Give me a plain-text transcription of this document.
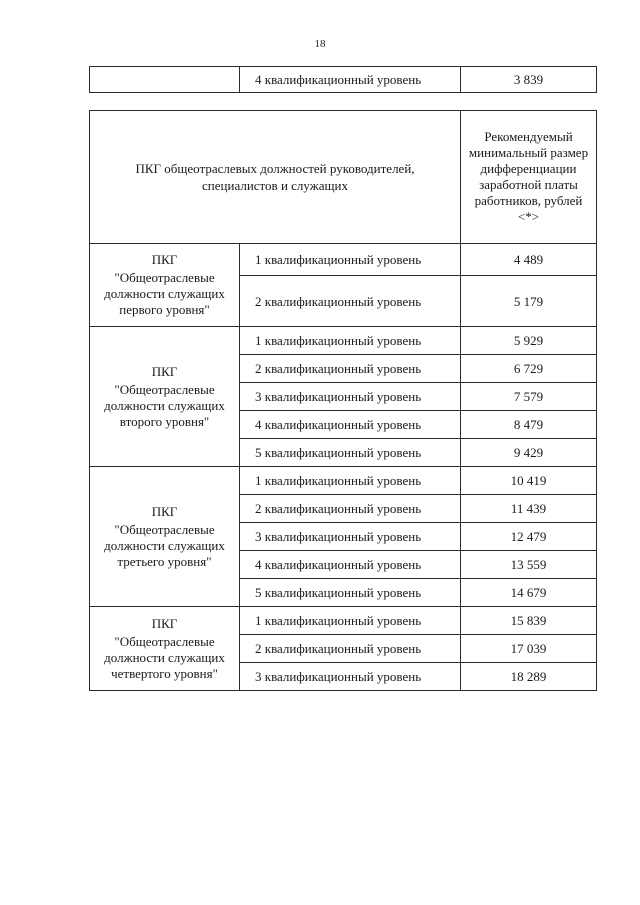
18
	4 квалификационный уровень	3 839
ПКГ общеотраслевых должностей руководителей, специалистов и служащих		Рекомендуемый минимальный размер дифференциации заработной платы работников, рублей <*>

ПКГ
"Общеотраслевые
должности служащих
первого уровня"	1 квалификационный уровень	4 489
	2 квалификационный уровень	5 179

ПКГ
"Общеотраслевые
должности служащих
второго уровня"	1 квалификационный уровень	5 929
	2 квалификационный уровень	6 729
	3 квалификационный уровень	7 579
	4 квалификационный уровень	8 479
	5 квалификационный уровень	9 429

ПКГ
"Общеотраслевые
должности служащих
третьего уровня"	1 квалификационный уровень	10 419
	2 квалификационный уровень	11 439
	3 квалификационный уровень	12 479
	4 квалификационный уровень	13 559
	5 квалификационный уровень	14 679

ПКГ
"Общеотраслевые
должности служащих
четвертого уровня"	1 квалификационный уровень	15 839
	2 квалификационный уровень	17 039
	3 квалификационный уровень	18 289
